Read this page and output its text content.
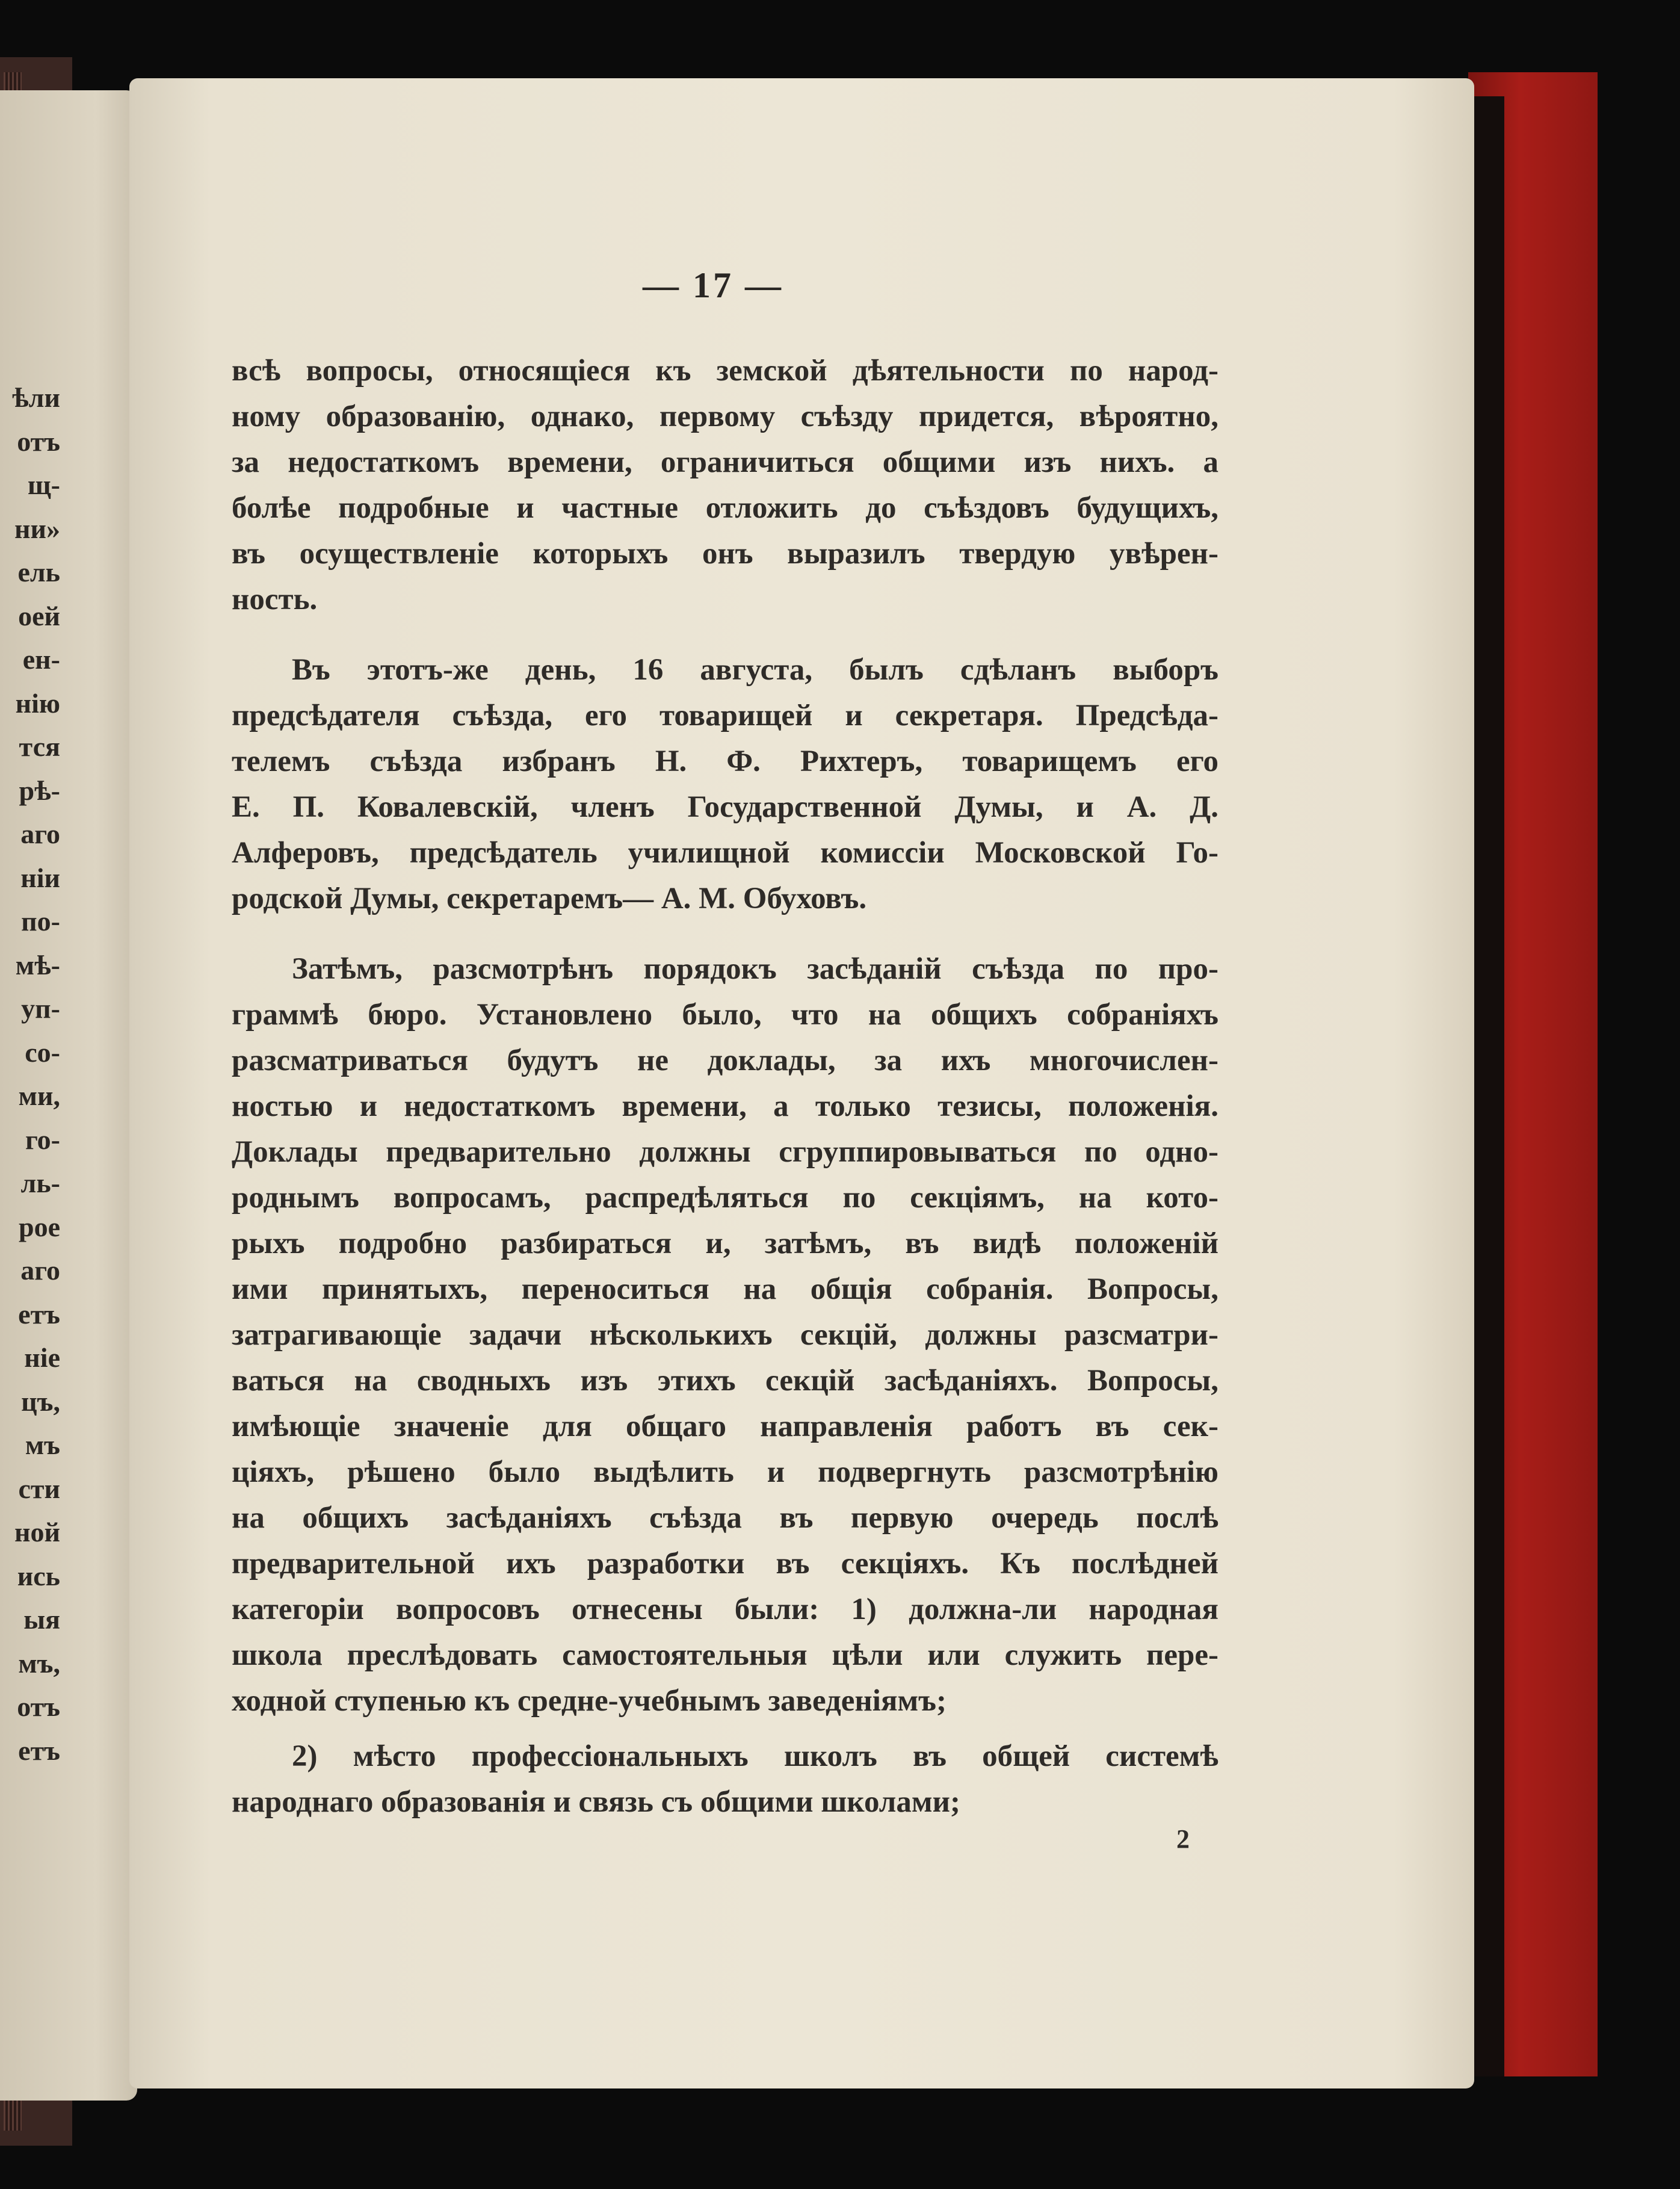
ѣли
отъ
щ-
ни»
ель
оей
ен-
нію
тся
рѣ-
аго
ніи
по-
мѣ-
уп-
со-
ми,
го-
ль-
рое
аго
етъ
ніе
цъ,
мъ
сти
ной
ись
ыя
мъ,
отъ
етъ
— 17 —
всѣ вопросы, относящіеся къ земской дѣятельности по народ-
ному образованію, однако, первому съѣзду придется, вѣроятно,
за недостаткомъ времени, ограничиться общими изъ нихъ. а
болѣе подробные и частные отложить до съѣздовъ будущихъ,
въ осуществленіе которыхъ онъ выразилъ твердую увѣрен-
ность.
Въ этотъ-же день, 16 августа, былъ сдѣланъ выборъ
предсѣдателя съѣзда, его товарищей и секретаря. Предсѣда-
телемъ съѣзда избранъ Н. Ф. Рихтеръ, товарищемъ его
Е. П. Ковалевскій, членъ Государственной Думы, и А. Д.
Алферовъ, предсѣдатель училищной комиссіи Московской Го-
родской Думы, секретаремъ— А. М. Обуховъ.
Затѣмъ, разсмотрѣнъ порядокъ засѣданій съѣзда по про-
граммѣ бюро. Установлено было, что на общихъ собраніяхъ
разсматриваться будутъ не доклады, за ихъ многочислен-
ностью и недостаткомъ времени, а только тезисы, положенія.
Доклады предварительно должны сгруппировываться по одно-
роднымъ вопросамъ, распредѣляться по секціямъ, на кото-
рыхъ подробно разбираться и, затѣмъ, въ видѣ положеній
ими принятыхъ, переноситься на общія собранія. Вопросы,
затрагивающіе задачи нѣсколькихъ секцій, должны разсматри-
ваться на сводныхъ изъ этихъ секцій засѣданіяхъ. Вопросы,
имѣющіе значеніе для общаго направленія работъ въ сек-
ціяхъ, рѣшено было выдѣлить и подвергнуть разсмотрѣнію
на общихъ засѣданіяхъ съѣзда въ первую очередь послѣ
предварительной ихъ разработки въ секціяхъ. Къ послѣдней
категоріи вопросовъ отнесены были: 1) должна-ли народная
школа преслѣдовать самостоятельныя цѣли или служить пере-
ходной ступенью къ средне-учебнымъ заведеніямъ;
2) мѣсто профессіональныхъ школъ въ общей системѣ
народнаго образованія и связь съ общими школами;
2
